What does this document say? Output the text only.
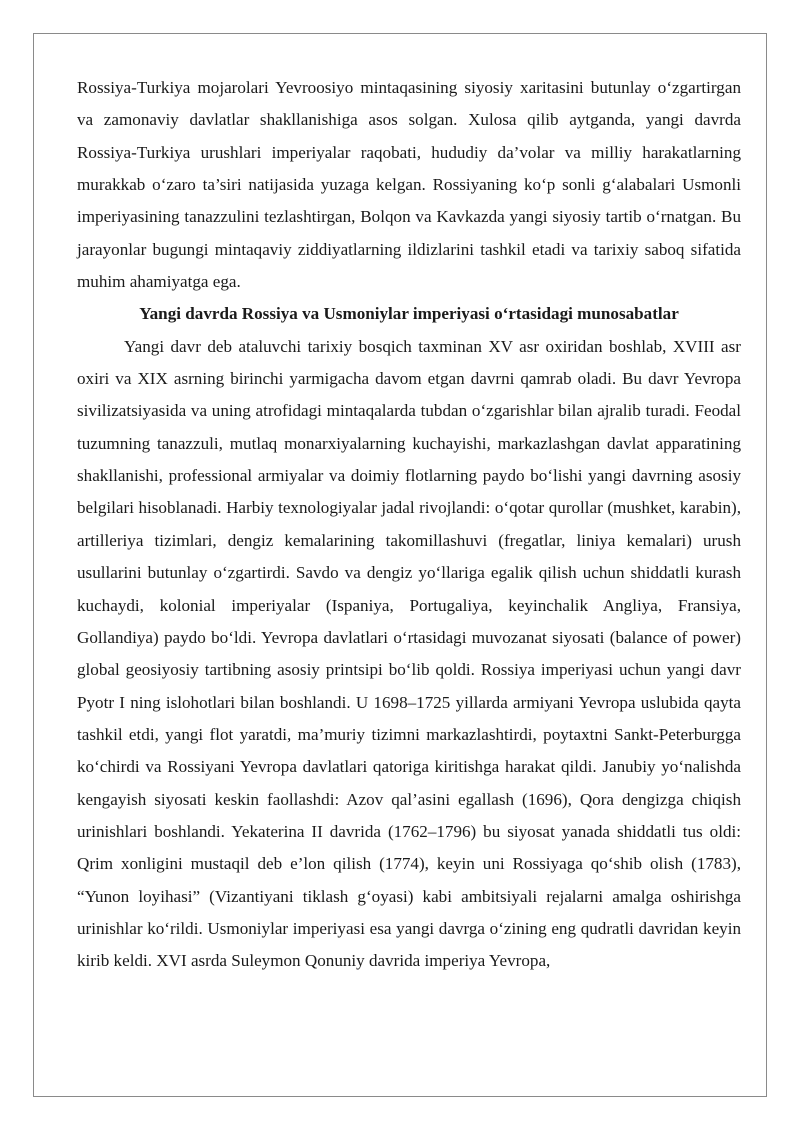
Rossiya-Turkiya mojarolari Yevroosiyo mintaqasining siyosiy xaritasini butunlay o‘zgartirgan va zamonaviy davlatlar shakllanishiga asos solgan. Xulosa qilib aytganda, yangi davrda Rossiya-Turkiya urushlari imperiyalar raqobati, hududiy da’volar va milliy harakatlarning murakkab o‘zaro ta’siri natijasida yuzaga kelgan. Rossiyaning ko‘p sonli g‘alabalari Usmonli imperiyasining tanazzulini tezlashtirgan, Bolqon va Kavkazda yangi siyosiy tartib o‘rnatgan. Bu jarayonlar bugungi mintaqaviy ziddiyatlarning ildizlarini tashkil etadi va tarixiy saboq sifatida muhim ahamiyatga ega.

Yangi davrda Rossiya va Usmoniylar imperiyasi o‘rtasidagi munosabatlar

Yangi davr deb ataluvchi tarixiy bosqich taxminan XV asr oxiridan boshlab, XVIII asr oxiri va XIX asrning birinchi yarmigacha davom etgan davrni qamrab oladi. Bu davr Yevropa sivilizatsiyasida va uning atrofidagi mintaqalarda tubdan o‘zgarishlar bilan ajralib turadi. Feodal tuzumning tanazzuli, mutlaq monarxiyalarning kuchayishi, markazlashgan davlat apparatining shakllanishi, professional armiyalar va doimiy flotlarning paydo bo‘lishi yangi davrning asosiy belgilari hisoblanadi. Harbiy texnologiyalar jadal rivojlandi: o‘qotar qurollar (mushket, karabin), artilleriya tizimlari, dengiz kemalarining takomillashuvi (fregatlar, liniya kemalari) urush usullarini butunlay o‘zgartirdi. Savdo va dengiz yo‘llariga egalik qilish uchun shiddatli kurash kuchaydi, kolonial imperiyalar (Ispaniya, Portugaliya, keyinchalik Angliya, Fransiya, Gollandiya) paydo bo‘ldi. Yevropa davlatlari o‘rtasidagi muvozanat siyosati (balance of power) global geosiyosiy tartibning asosiy printsipi bo‘lib qoldi. Rossiya imperiyasi uchun yangi davr Pyotr I ning islohotlari bilan boshlandi. U 1698–1725 yillarda armiyani Yevropa uslubida qayta tashkil etdi, yangi flot yaratdi, ma’muriy tizimni markazlashtirdi, poytaxtni Sankt-Peterburgga ko‘chirdi va Rossiyani Yevropa davlatlari qatoriga kiritishga harakat qildi. Janubiy yo‘nalishda kengayish siyosati keskin faollashdi: Azov qal’asini egallash (1696), Qora dengizga chiqish urinishlari boshlandi. Yekaterina II davrida (1762–1796) bu siyosat yanada shiddatli tus oldi: Qrim xonligini mustaqil deb e’lon qilish (1774), keyin uni Rossiyaga qo‘shib olish (1783), “Yunon loyihasi” (Vizantiyani tiklash g‘oyasi) kabi ambitsiyali rejalarni amalga oshirishga urinishlar ko‘rildi. Usmoniylar imperiyasi esa yangi davrga o‘zining eng qudratli davridan keyin kirib keldi. XVI asrda Suleymon Qonuniy davrida imperiya Yevropa,
